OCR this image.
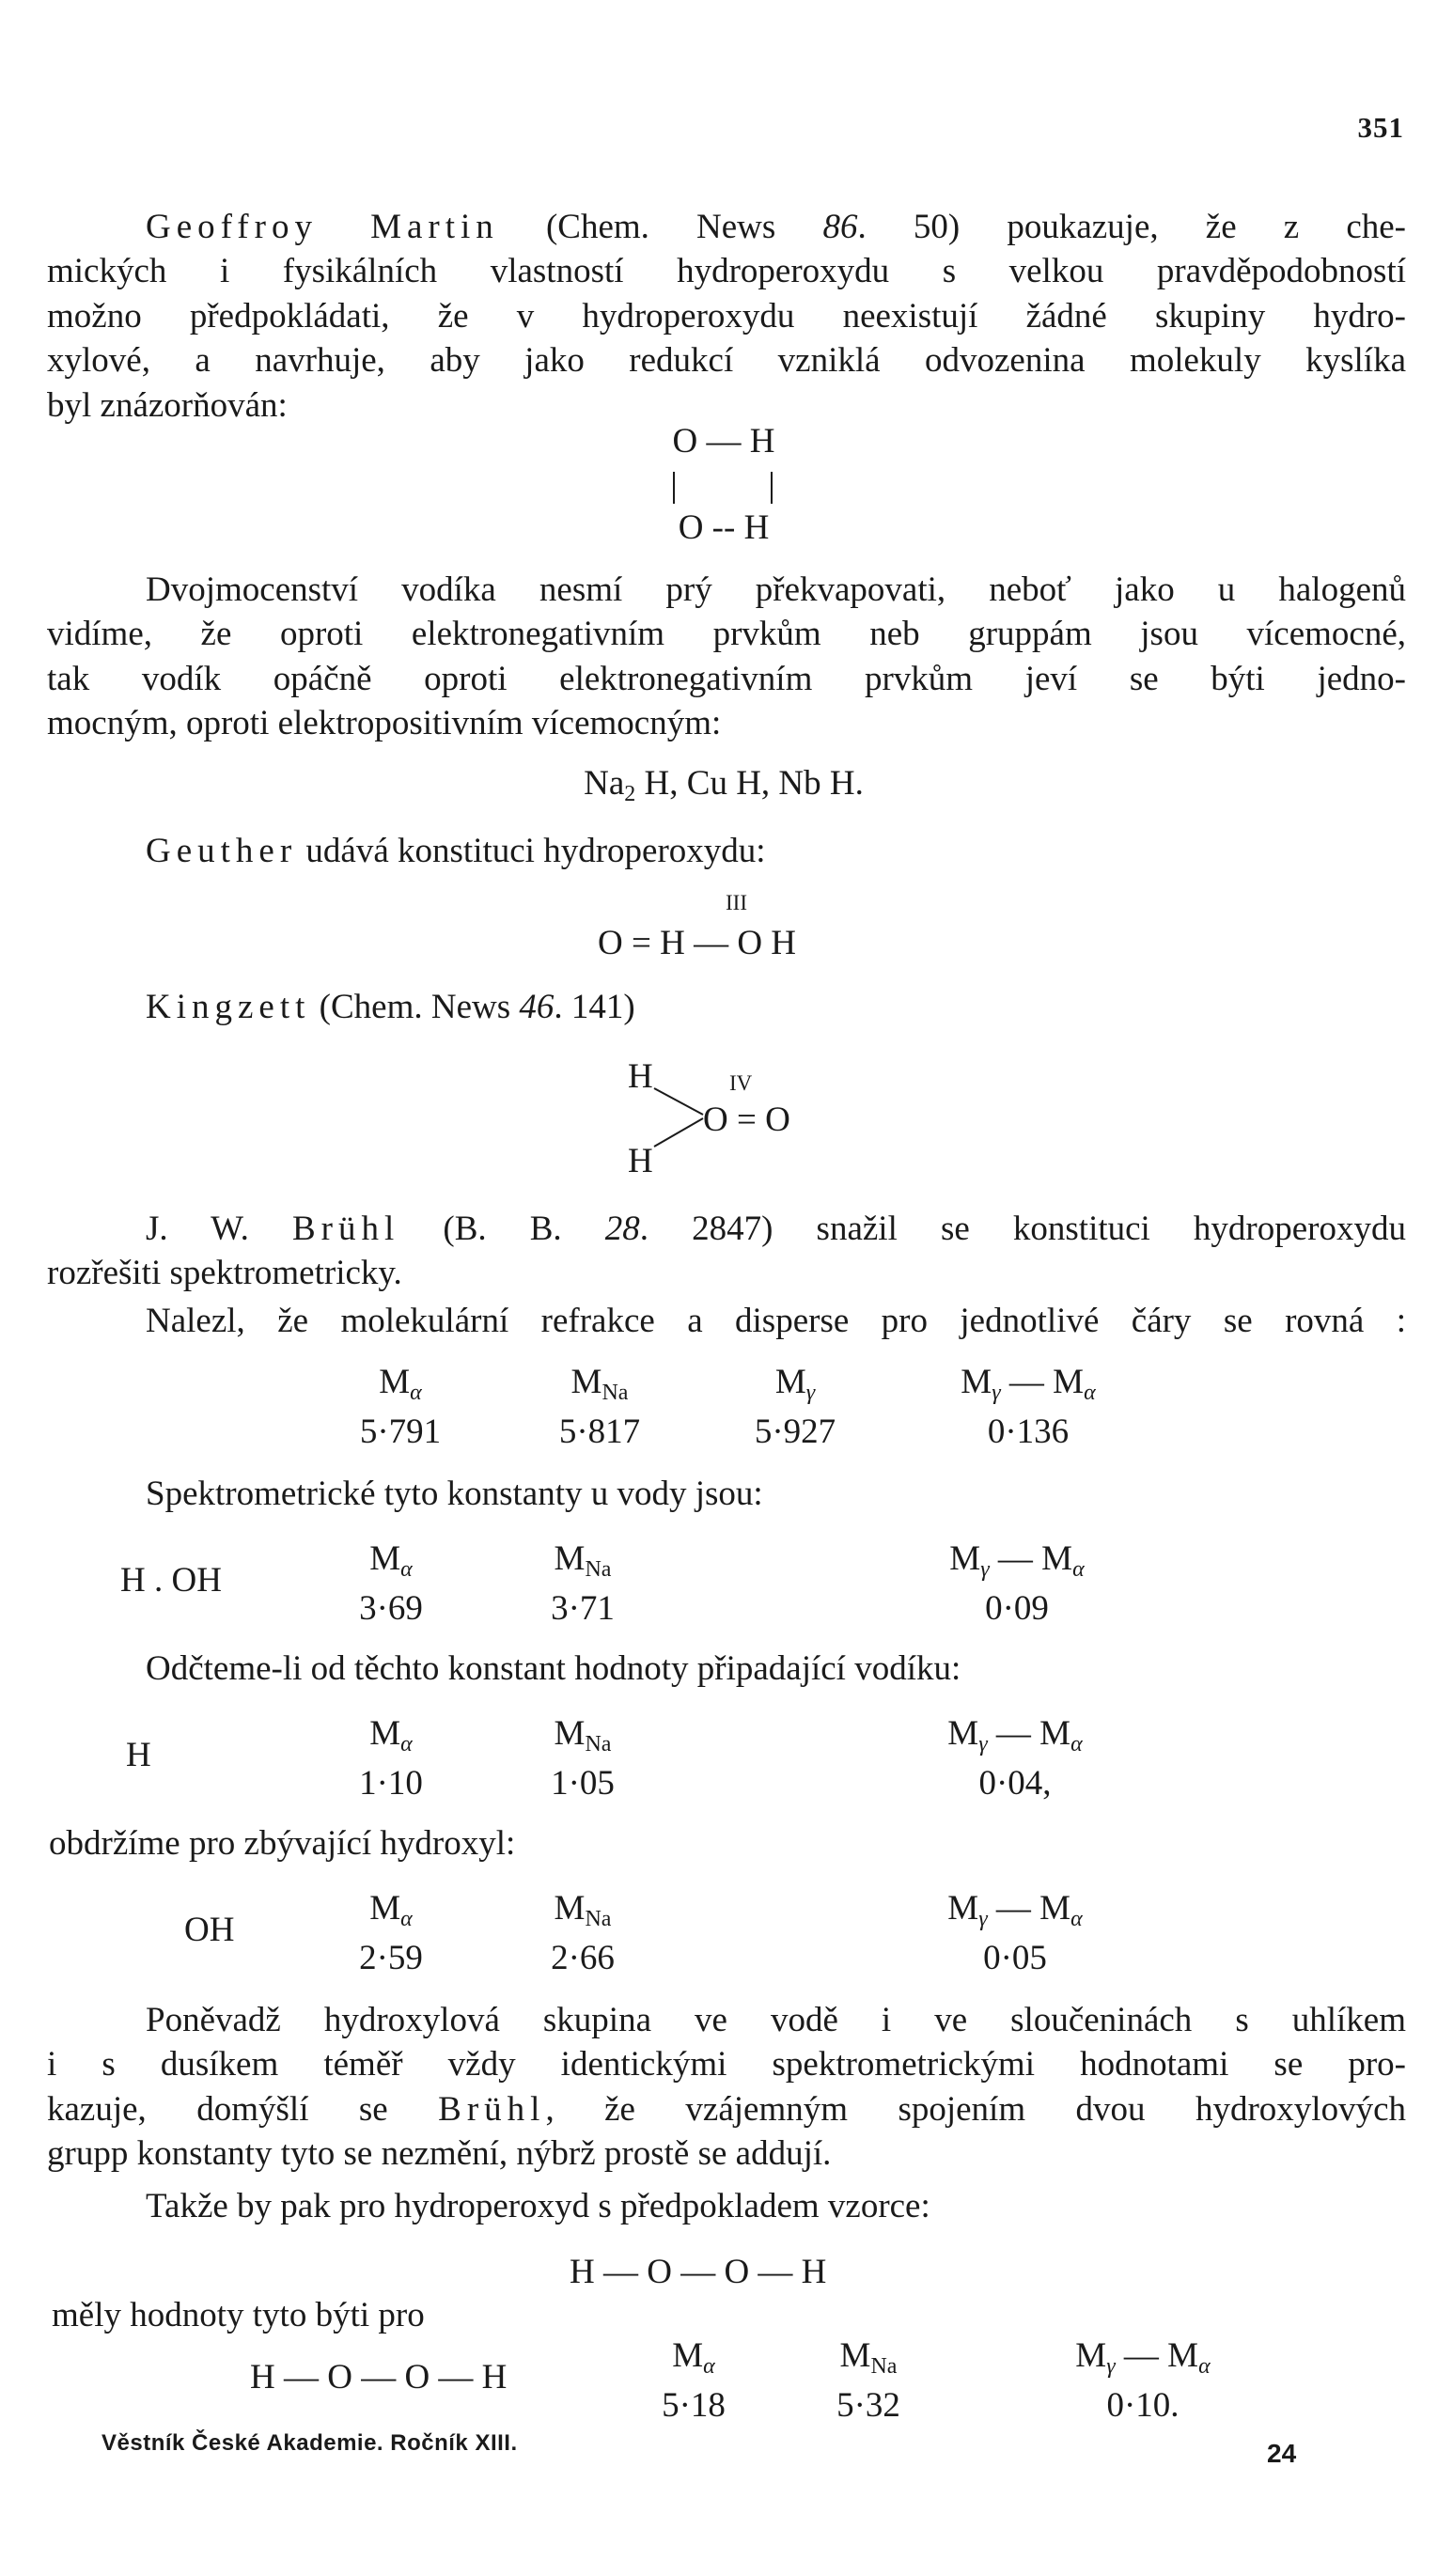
351
Geoffroy Martin (Chem. News 86. 50) poukazuje, že z che-
mických i fysikálních vlastností hydroperoxydu s velkou pravděpodobností
možno předpokládati, že v hydroperoxydu neexistují žádné skupiny hydro-
xylové, a navrhuje, aby jako redukcí vzniklá odvozenina molekuly kyslíka
byl znázorňován:
O — H
O -- H
Dvojmocenství vodíka nesmí prý překvapovati, neboť jako u halogenů
vidíme, že oproti elektronegativním prvkům neb gruppám jsou vícemocné,
tak vodík opáčně oproti elektronegativním prvkům jeví se býti jedno-
mocným, oproti elektropositivním vícemocným:
$Na_2$ H, Cu H, Nb H.
Geuther udává konstituci hydroperoxydu:
III
O = H — O H
Kingzett (Chem. News 46. 141)
H
H
IV
O = O
J. W. Brühl (B. B. 28. 2847) snažil se konstituci hydroperoxydu
rozřešiti spektrometricky.
Nalezl, že molekulární refrakce a disperse pro jednotlivé čáry se rovná :
$M_\alpha$
5·791
$M_{Na}$
5·817
$M_\gamma$
5·927
$M_\gamma$ — $M_\alpha$
0·136
Spektrometrické tyto konstanty u vody jsou:
H . OH
$M_\alpha$
3·69
$M_{Na}$
3·71
$M_\gamma$ — $M_\alpha$
0·09
Odčteme-li od těchto konstant hodnoty připadající vodíku:
H
$M_\alpha$
1·10
$M_{Na}$
1·05
$M_\gamma$ — $M_\alpha$
0·04,
obdržíme pro zbývající hydroxyl:
OH
$M_\alpha$
2·59
$M_{Na}$
2·66
$M_\gamma$ — $M_\alpha$
0·05
Poněvadž hydroxylová skupina ve vodě i ve sloučeninách s uhlíkem
i s dusíkem téměř vždy identickými spektrometrickými hodnotami se pro-
kazuje, domýšlí se Brühl, že vzájemným spojením dvou hydroxylových
grupp konstanty tyto se nezmění, nýbrž prostě se addují.
Takže by pak pro hydroperoxyd s předpokladem vzorce:
H — O — O — H
měly hodnoty tyto býti pro
H — O — O — H
$M_\alpha$
5·18
$M_{Na}$
5·32
$M_\gamma$ — $M_\alpha$
0·10.
Věstník České Akademie. Ročník XIII.	24
